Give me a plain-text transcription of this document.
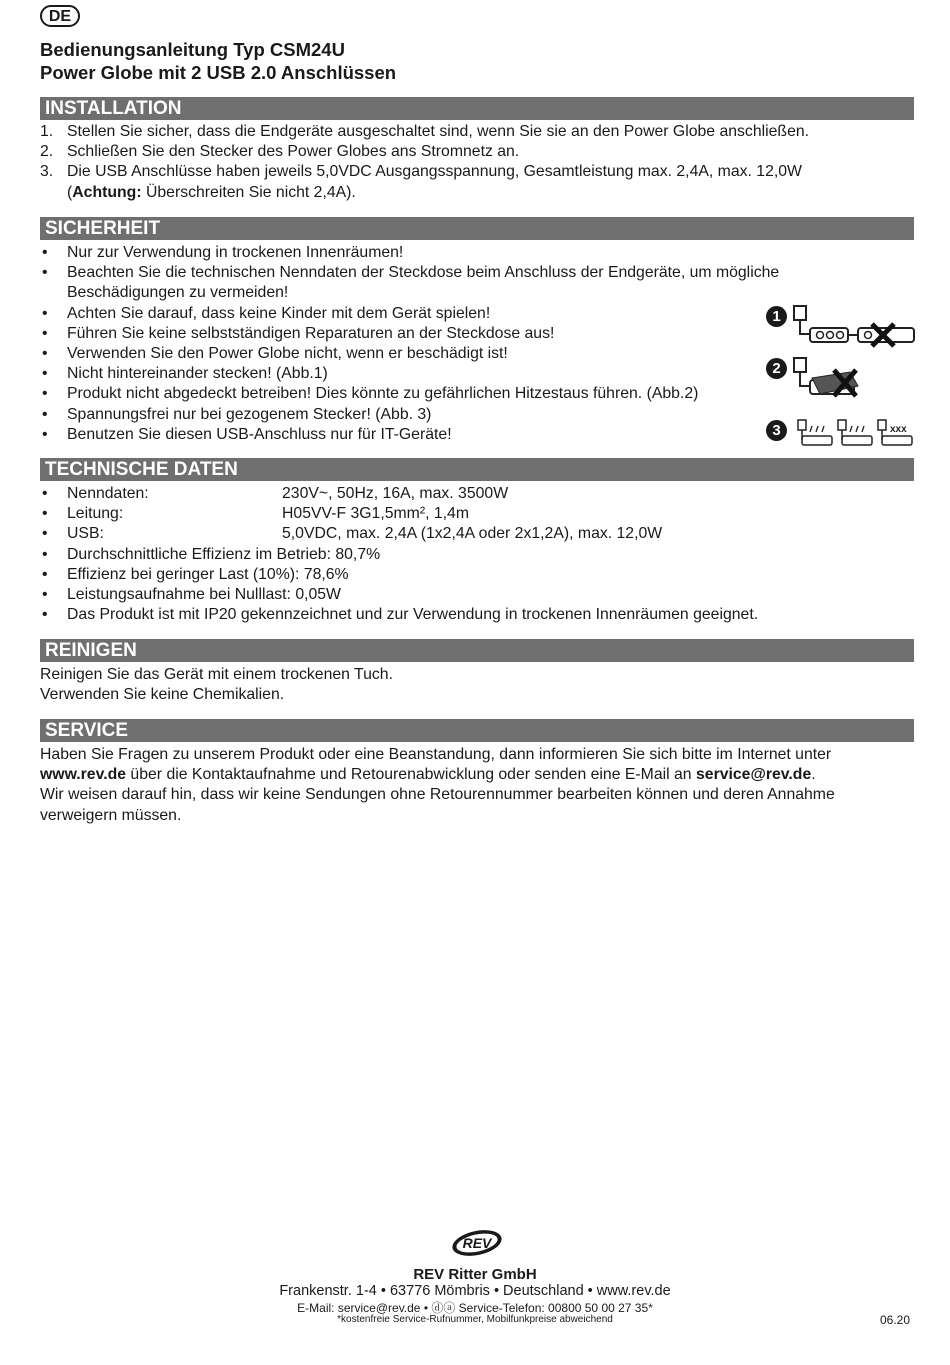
DE
Bedienungsanleitung Typ CSM24U
Power Globe mit 2 USB 2.0 Anschlüssen
INSTALLATION
1. Stellen Sie sicher, dass die Endgeräte ausgeschaltet sind, wenn Sie sie an den Power Globe anschließen.
2. Schließen Sie den Stecker des Power Globes ans Stromnetz an.
3. Die USB Anschlüsse haben jeweils 5,0VDC Ausgangsspannung, Gesamtleistung max. 2,4A, max. 12,0W
(Achtung: Überschreiten Sie nicht 2,4A).
SICHERHEIT
•	Nur zur Verwendung in trockenen Innenräumen!
•	Beachten Sie die technischen Nenndaten der Steckdose beim Anschluss der Endgeräte, um mögliche Beschädigungen zu vermeiden!
•	Achten Sie darauf, dass keine Kinder mit dem Gerät spielen!
•	Führen Sie keine selbstständigen Reparaturen an der Steckdose aus!
•	Verwenden Sie den Power Globe nicht, wenn er beschädigt ist!
•	Nicht hintereinander stecken! (Abb.1)
•	Produkt nicht abgedeckt betreiben! Dies könnte zu gefährlichen Hitzestaus führen. (Abb.2)
•	Spannungsfrei nur bei gezogenem Stecker! (Abb. 3)
•	Benutzen Sie diesen USB-Anschluss nur für IT-Geräte!
1
2
3	xxx
TECHNISCHE DATEN
•	Nenndaten:	230V~, 50Hz, 16A, max. 3500W
•	Leitung:	H05VV-F 3G1,5mm², 1,4m
•	USB:	5,0VDC, max. 2,4A (1x2,4A oder 2x1,2A), max. 12,0W
•	Durchschnittliche Effizienz im Betrieb: 80,7%
•	Effizienz bei geringer Last (10%): 78,6%
•	Leistungsaufnahme bei Nulllast: 0,05W
•	Das Produkt ist mit IP20 gekennzeichnet und zur Verwendung in trockenen Innenräumen geeignet.
REINIGEN
Reinigen Sie das Gerät mit einem trockenen Tuch.
Verwenden Sie keine Chemikalien.
SERVICE
Haben Sie Fragen zu unserem Produkt oder eine Beanstandung, dann informieren Sie sich bitte im Internet unter www.rev.de über die Kontaktaufnahme und Retourenabwicklung oder senden eine E-Mail an service@rev.de.
Wir weisen darauf hin, dass wir keine Sendungen ohne Retourennummer bearbeiten können und deren Annahme verweigern müssen.
REV
REV Ritter GmbH
Frankenstr. 1-4 • 63776 Mömbris • Deutschland • www.rev.de
E-Mail: service@rev.de • ⓓⓐ Service-Telefon: 00800 50 00 27 35*
*kostenfreie Service-Rufnummer, Mobilfunkpreise abweichend	06.20
